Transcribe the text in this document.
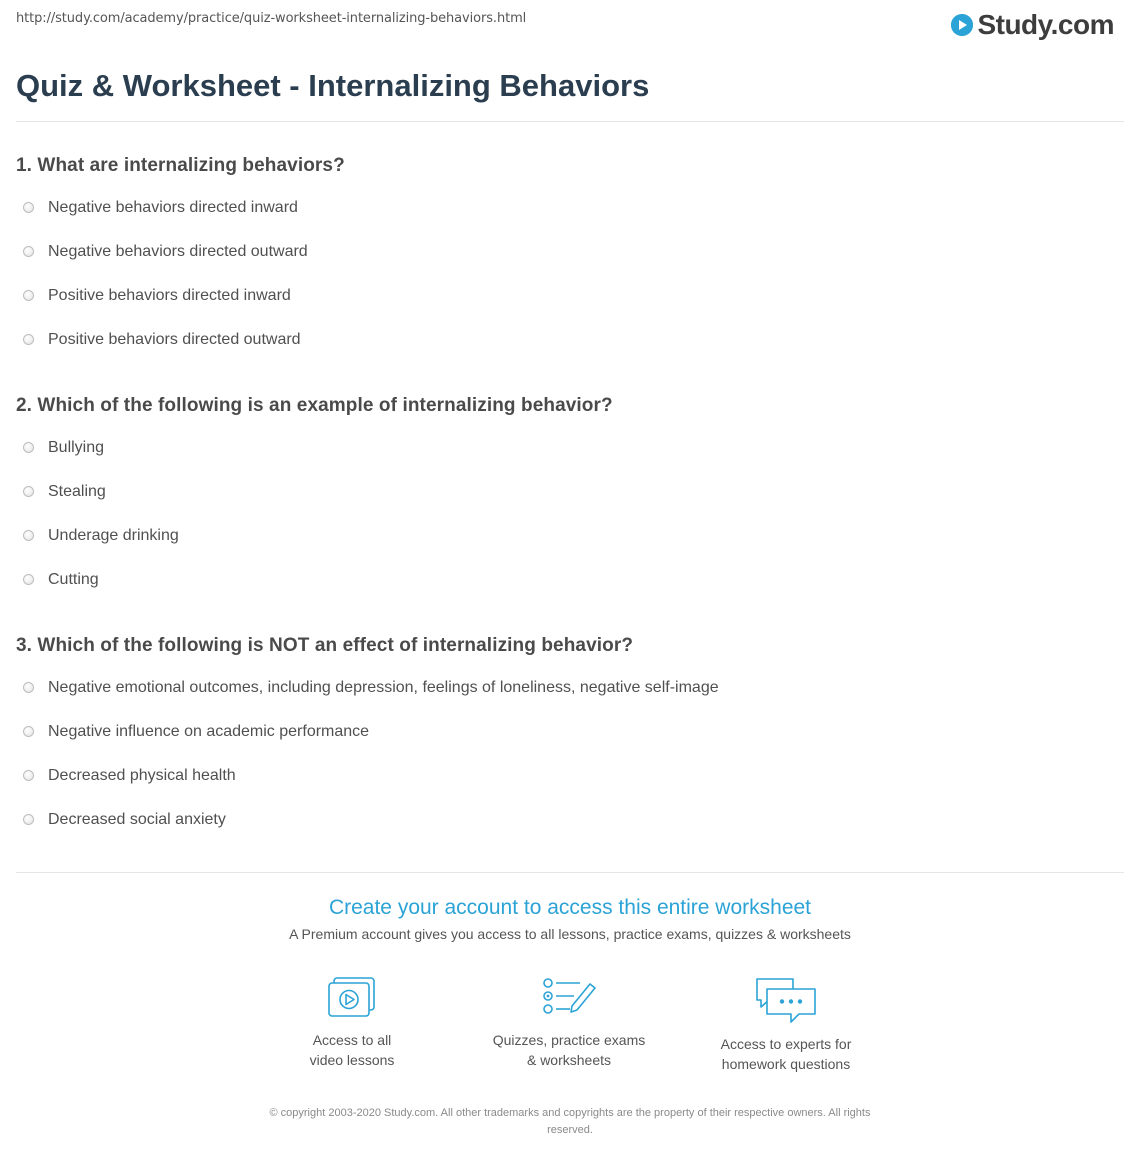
http://study.com/academy/practice/quiz-worksheet-internalizing-behaviors.html	Study.com
Quiz & Worksheet - Internalizing Behaviors

1. What are internalizing behaviors?

Negative behaviors directed inward
Negative behaviors directed outward
Positive behaviors directed inward
Positive behaviors directed outward

2. Which of the following is an example of internalizing behavior?

Bullying
Stealing
Underage drinking
Cutting

3. Which of the following is NOT an effect of internalizing behavior?

Negative emotional outcomes, including depression, feelings of loneliness, negative self-image
Negative influence on academic performance
Decreased physical health
Decreased social anxiety
Create your account to access this entire worksheet
A Premium account gives you access to all lessons, practice exams, quizzes & worksheets
Access to all
video lessons
Quizzes, practice exams
& worksheets
Access to experts for
homework questions
© copyright 2003-2020 Study.com. All other trademarks and copyrights are the property of their respective owners. All rights
reserved.
